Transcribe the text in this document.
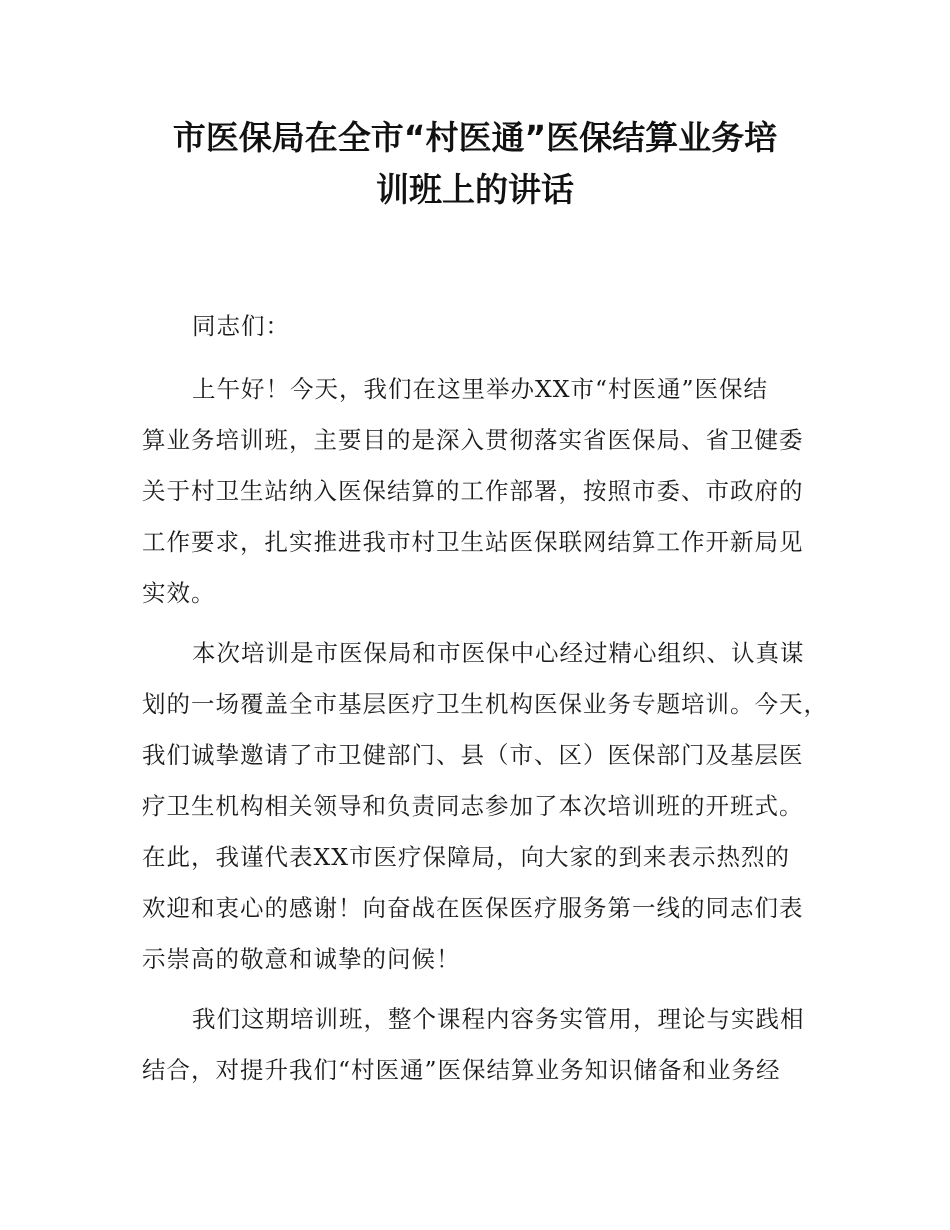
市医保局在全市“村医通”医保结算业务培
训班上的讲话
同志们：
上午好！今天，我们在这里举办XX市“村医通”医保结
算业务培训班，主要目的是深入贯彻落实省医保局、省卫健委
关于村卫生站纳入医保结算的工作部署，按照市委、市政府的
工作要求，扎实推进我市村卫生站医保联网结算工作开新局见
实效。
本次培训是市医保局和市医保中心经过精心组织、认真谋
划的一场覆盖全市基层医疗卫生机构医保业务专题培训。今天，
我们诚挚邀请了市卫健部门、县（市、区）医保部门及基层医
疗卫生机构相关领导和负责同志参加了本次培训班的开班式。
在此，我谨代表XX市医疗保障局，向大家的到来表示热烈的
欢迎和衷心的感谢！向奋战在医保医疗服务第一线的同志们表
示崇高的敬意和诚挚的问候！
我们这期培训班，整个课程内容务实管用，理论与实践相
结合，对提升我们“村医通”医保结算业务知识储备和业务经
